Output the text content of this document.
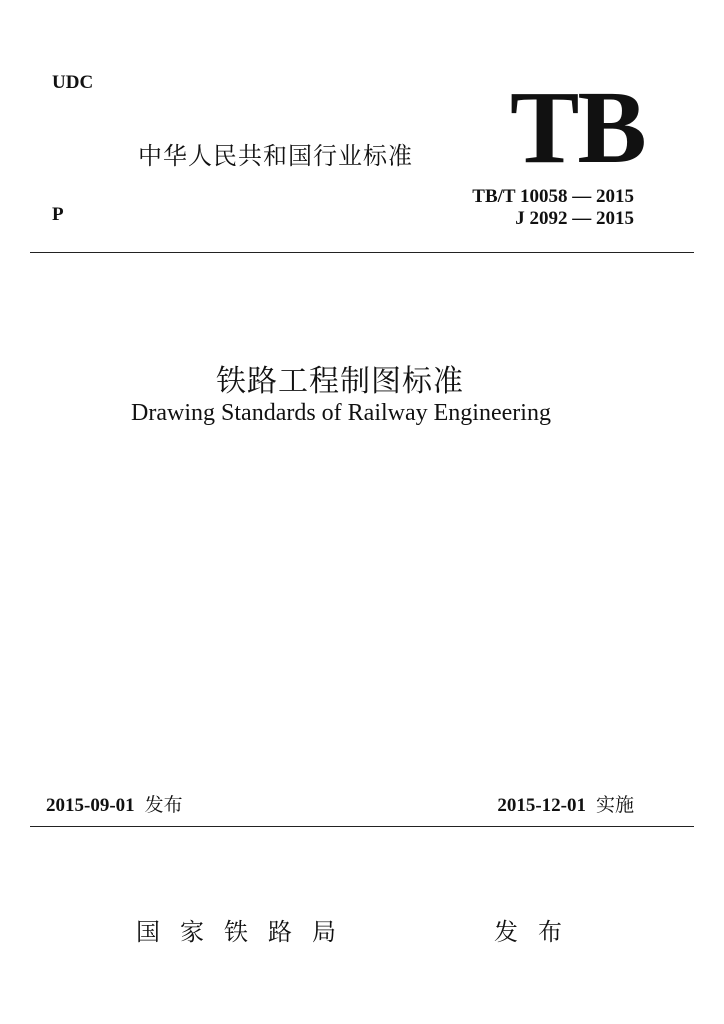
UDC
中华人民共和国行业标准 TB
TB/T 10058 — 2015
J 2092 — 2015
P
铁路工程制图标准
Drawing Standards of Railway Engineering
2015-09-01 发布	2015-12-01 实施
国家铁路局	发布
